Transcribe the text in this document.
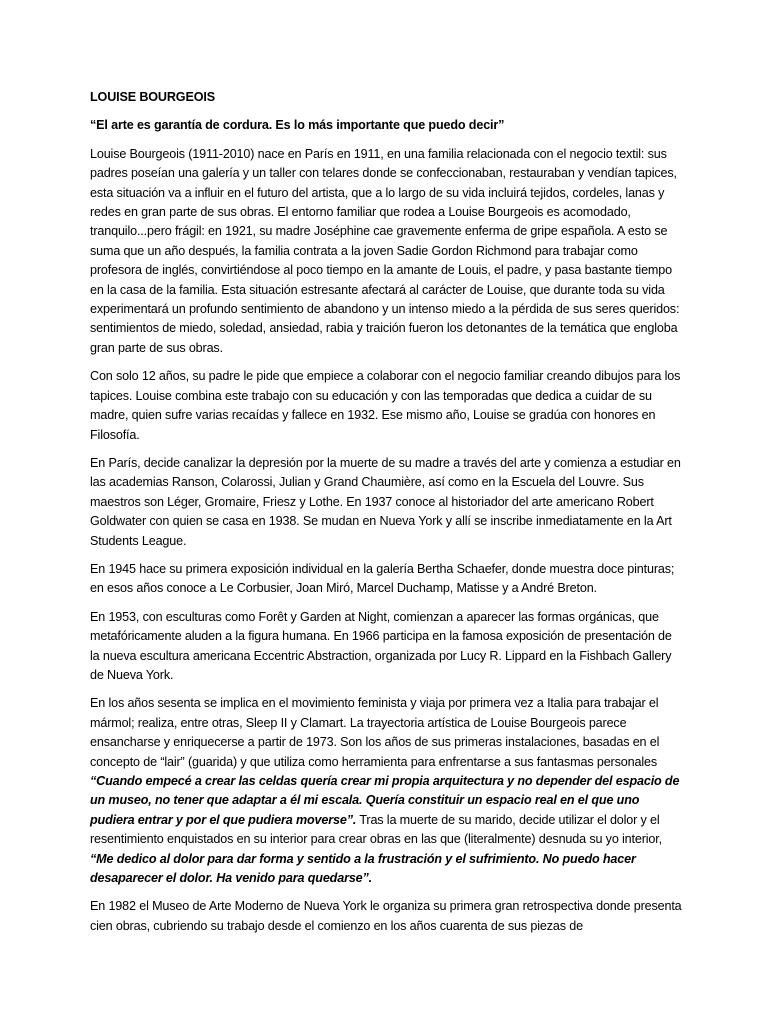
LOUISE BOURGEOIS
“El arte es garantía de cordura. Es lo más importante que puedo decir”

Louise Bourgeois (1911-2010) nace en París en 1911, en una familia relacionada con el negocio textil: sus padres poseían una galería y un taller con telares donde se confeccionaban, restauraban y vendían tapices, esta situación va a influir en el futuro del artista, que a lo largo de su vida incluirá tejidos, cordeles, lanas y redes en gran parte de sus obras. El entorno familiar que rodea a Louise Bourgeois es acomodado, tranquilo...pero frágil: en 1921, su madre Joséphine cae gravemente enferma de gripe española. A esto se suma que un año después, la familia contrata a la joven Sadie Gordon Richmond para trabajar como profesora de inglés, convirtiéndose al poco tiempo en la amante de Louis, el padre, y pasa bastante tiempo en la casa de la familia. Esta situación estresante afectará al carácter de Louise, que durante toda su vida experimentará un profundo sentimiento de abandono y un intenso miedo a la pérdida de sus seres queridos: sentimientos de miedo, soledad, ansiedad, rabia y traición fueron los detonantes de la temática que engloba gran parte de sus obras.

Con solo 12 años, su padre le pide que empiece a colaborar con el negocio familiar creando dibujos para los tapices. Louise combina este trabajo con su educación y con las temporadas que dedica a cuidar de su madre, quien sufre varias recaídas y fallece en 1932. Ese mismo año, Louise se gradúa con honores en Filosofía.

En París, decide canalizar la depresión por la muerte de su madre a través del arte y comienza a estudiar en las academias Ranson, Colarossi, Julian y Grand Chaumière, así como en la Escuela del Louvre. Sus maestros son Léger, Gromaire, Friesz y Lothe. En 1937 conoce al historiador del arte americano Robert Goldwater con quien se casa en 1938. Se mudan en Nueva York y allí se inscribe inmediatamente en la Art Students League.

En 1945 hace su primera exposición individual en la galería Bertha Schaefer, donde muestra doce pinturas; en esos años conoce a Le Corbusier, Joan Miró, Marcel Duchamp, Matisse y a André Breton.

En 1953, con esculturas como Forêt y Garden at Night, comienzan a aparecer las formas orgánicas, que metafóricamente aluden a la figura humana. En 1966 participa en la famosa exposición de presentación de la nueva escultura americana Eccentric Abstraction, organizada por Lucy R. Lippard en la Fishbach Gallery de Nueva York.

En los años sesenta se implica en el movimiento feminista y viaja por primera vez a Italia para trabajar el mármol; realiza, entre otras, Sleep II y Clamart. La trayectoria artística de Louise Bourgeois parece ensancharse y enriquecerse a partir de 1973. Son los años de sus primeras instalaciones, basadas en el concepto de “lair” (guarida) y que utiliza como herramienta para enfrentarse a sus fantasmas personales “Cuando empecé a crear las celdas quería crear mi propia arquitectura y no depender del espacio de un museo, no tener que adaptar a él mi escala. Quería constituir un espacio real en el que uno pudiera entrar y por el que pudiera moverse”. Tras la muerte de su marido, decide utilizar el dolor y el resentimiento enquistados en su interior para crear obras en las que (literalmente) desnuda su yo interior, “Me dedico al dolor para dar forma y sentido a la frustración y el sufrimiento. No puedo hacer desaparecer el dolor. Ha venido para quedarse”.

En 1982 el Museo de Arte Moderno de Nueva York le organiza su primera gran retrospectiva donde presenta cien obras, cubriendo su trabajo desde el comienzo en los años cuarenta de sus piezas de
